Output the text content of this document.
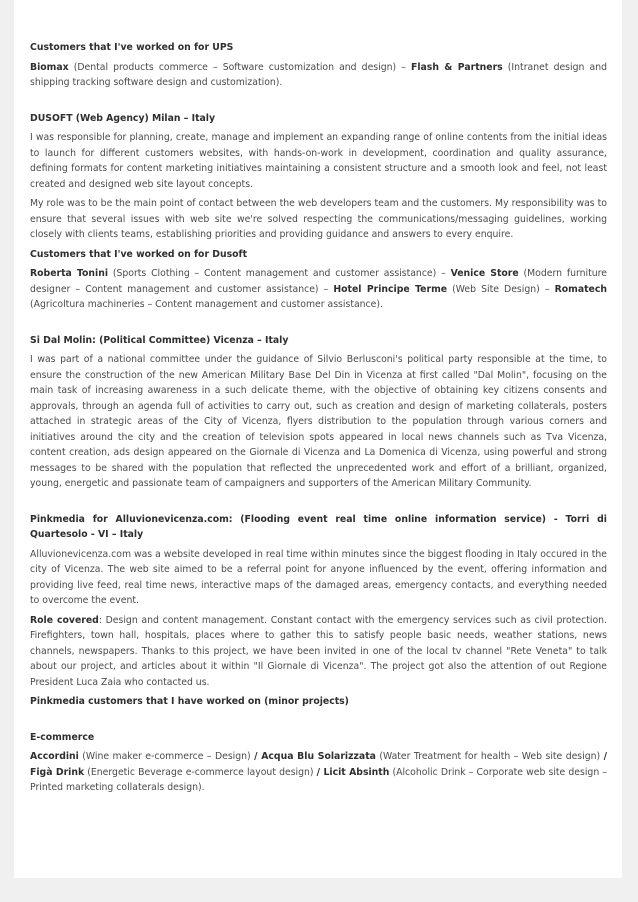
Customers that I've worked on for UPS

Biomax (Dental products commerce – Software customization and design) – Flash & Partners (Intranet design and shipping tracking software design and customization).

DUSOFT (Web Agency) Milan – Italy

I was responsible for planning, create, manage and implement an expanding range of online contents from the initial ideas to launch for different customers websites, with hands-on-work in development, coordination and quality assurance, defining formats for content marketing initiatives maintaining a consistent structure and a smooth look and feel, not least created and designed web site layout concepts.

My role was to be the main point of contact between the web developers team and the customers. My responsibility was to ensure that several issues with web site we're solved respecting the communications/messaging guidelines, working closely with clients teams, establishing priorities and providing guidance and answers to every enquire.

Customers that I've worked on for Dusoft

Roberta Tonini (Sports Clothing – Content management and customer assistance) – Venice Store (Modern furniture designer – Content management and customer assistance) – Hotel Principe Terme (Web Site Design) – Romatech (Agricoltura machineries – Content management and customer assistance).

Si Dal Molin: (Political Committee) Vicenza – Italy

I was part of a national committee under the guidance of Silvio Berlusconi's political party responsible at the time, to ensure the construction of the new American Military Base Del Din in Vicenza at first called "Dal Molin", focusing on the main task of increasing awareness in a such delicate theme, with the objective of obtaining key citizens consents and approvals, through an agenda full of activities to carry out, such as creation and design of marketing collaterals, posters attached in strategic areas of the City of Vicenza, flyers distribution to the population through various corners and initiatives around the city and the creation of television spots appeared in local news channels such as Tva Vicenza, content creation, ads design appeared on the Giornale di Vicenza and La Domenica di Vicenza, using powerful and strong messages to be shared with the population that reflected the unprecedented work and effort of a brilliant, organized, young, energetic and passionate team of campaigners and supporters of the American Military Community.

Pinkmedia for Alluvionevicenza.com: (Flooding event real time online information service) - Torri di Quartesolo - VI – Italy

Alluvionevicenza.com was a website developed in real time within minutes since the biggest flooding in Italy occured in the city of Vicenza. The web site aimed to be a referral point for anyone influenced by the event, offering information and providing live feed, real time news, interactive maps of the damaged areas, emergency contacts, and everything needed to overcome the event.

Role covered: Design and content management. Constant contact with the emergency services such as civil protection. Firefighters, town hall, hospitals, places where to gather this to satisfy people basic needs, weather stations, news channels, newspapers. Thanks to this project, we have been invited in one of the local tv channel "Rete Veneta" to talk about our project, and articles about it within "Il Giornale di Vicenza". The project got also the attention of out Regione President Luca Zaia who contacted us.

Pinkmedia customers that I have worked on (minor projects)

E-commerce

Accordini (Wine maker e-commerce – Design) / Acqua Blu Solarizzata (Water Treatment for health – Web site design) / Figà Drink (Energetic Beverage e-commerce layout design) / Licit Absinth (Alcoholic Drink – Corporate web site design – Printed marketing collaterals design).
